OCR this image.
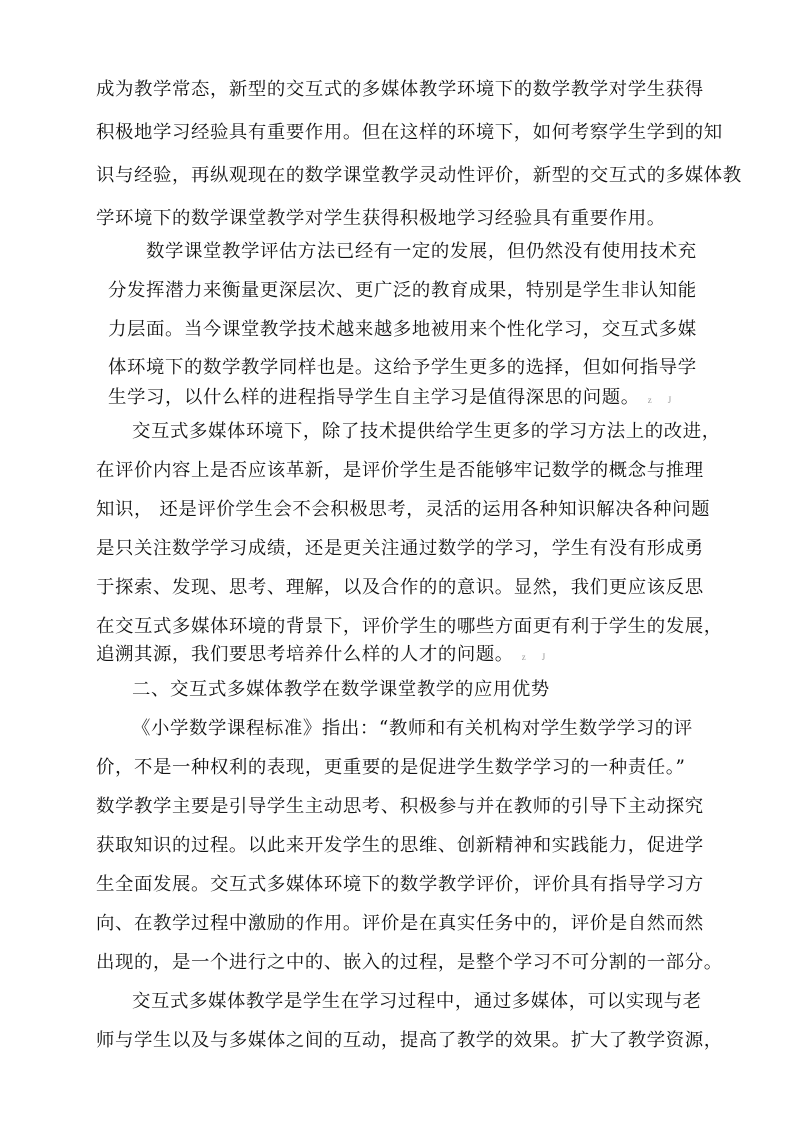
成为教学常态，新型的交互式的多媒体教学环境下的数学教学对学生获得
积极地学习经验具有重要作用。但在这样的环境下，如何考察学生学到的知
识与经验，再纵观现在的数学课堂教学灵动性评价，新型的交互式的多媒体教
学环境下的数学课堂教学对学生获得积极地学习经验具有重要作用。
数学课堂教学评估方法已经有一定的发展，但仍然没有使用技术充
分发挥潜力来衡量更深层次、更广泛的教育成果，特别是学生非认知能
力层面。当今课堂教学技术越来越多地被用来个性化学习，交互式多媒
体环境下的数学教学同样也是。这给予学生更多的选择，但如何指导学
生学习，以什么样的进程指导学生自主学习是值得深思的问题。 z J
交互式多媒体环境下，除了技术提供给学生更多的学习方法上的改进，
在评价内容上是否应该革新，是评价学生是否能够牢记数学的概念与推理
知识， 还是评价学生会不会积极思考，灵活的运用各种知识解决各种问题
是只关注数学学习成绩，还是更关注通过数学的学习，学生有没有形成勇
于探索、发现、思考、理解，以及合作的的意识。显然，我们更应该反思
在交互式多媒体环境的背景下，评价学生的哪些方面更有利于学生的发展，
追溯其源，我们要思考培养什么样的人才的问题。 z J
二、交互式多媒体教学在数学课堂教学的应用优势
《小学数学课程标准》指出：“教师和有关机构对学生数学学习的评
价，不是一种权利的表现，更重要的是促进学生数学学习的一种责任。”
数学教学主要是引导学生主动思考、积极参与并在教师的引导下主动探究
获取知识的过程。以此来开发学生的思维、创新精神和实践能力，促进学
生全面发展。交互式多媒体环境下的数学教学评价，评价具有指导学习方
向、在教学过程中激励的作用。评价是在真实任务中的，评价是自然而然
出现的，是一个进行之中的、嵌入的过程，是整个学习不可分割的一部分。
交互式多媒体教学是学生在学习过程中，通过多媒体，可以实现与老
师与学生以及与多媒体之间的互动，提高了教学的效果。扩大了教学资源，
